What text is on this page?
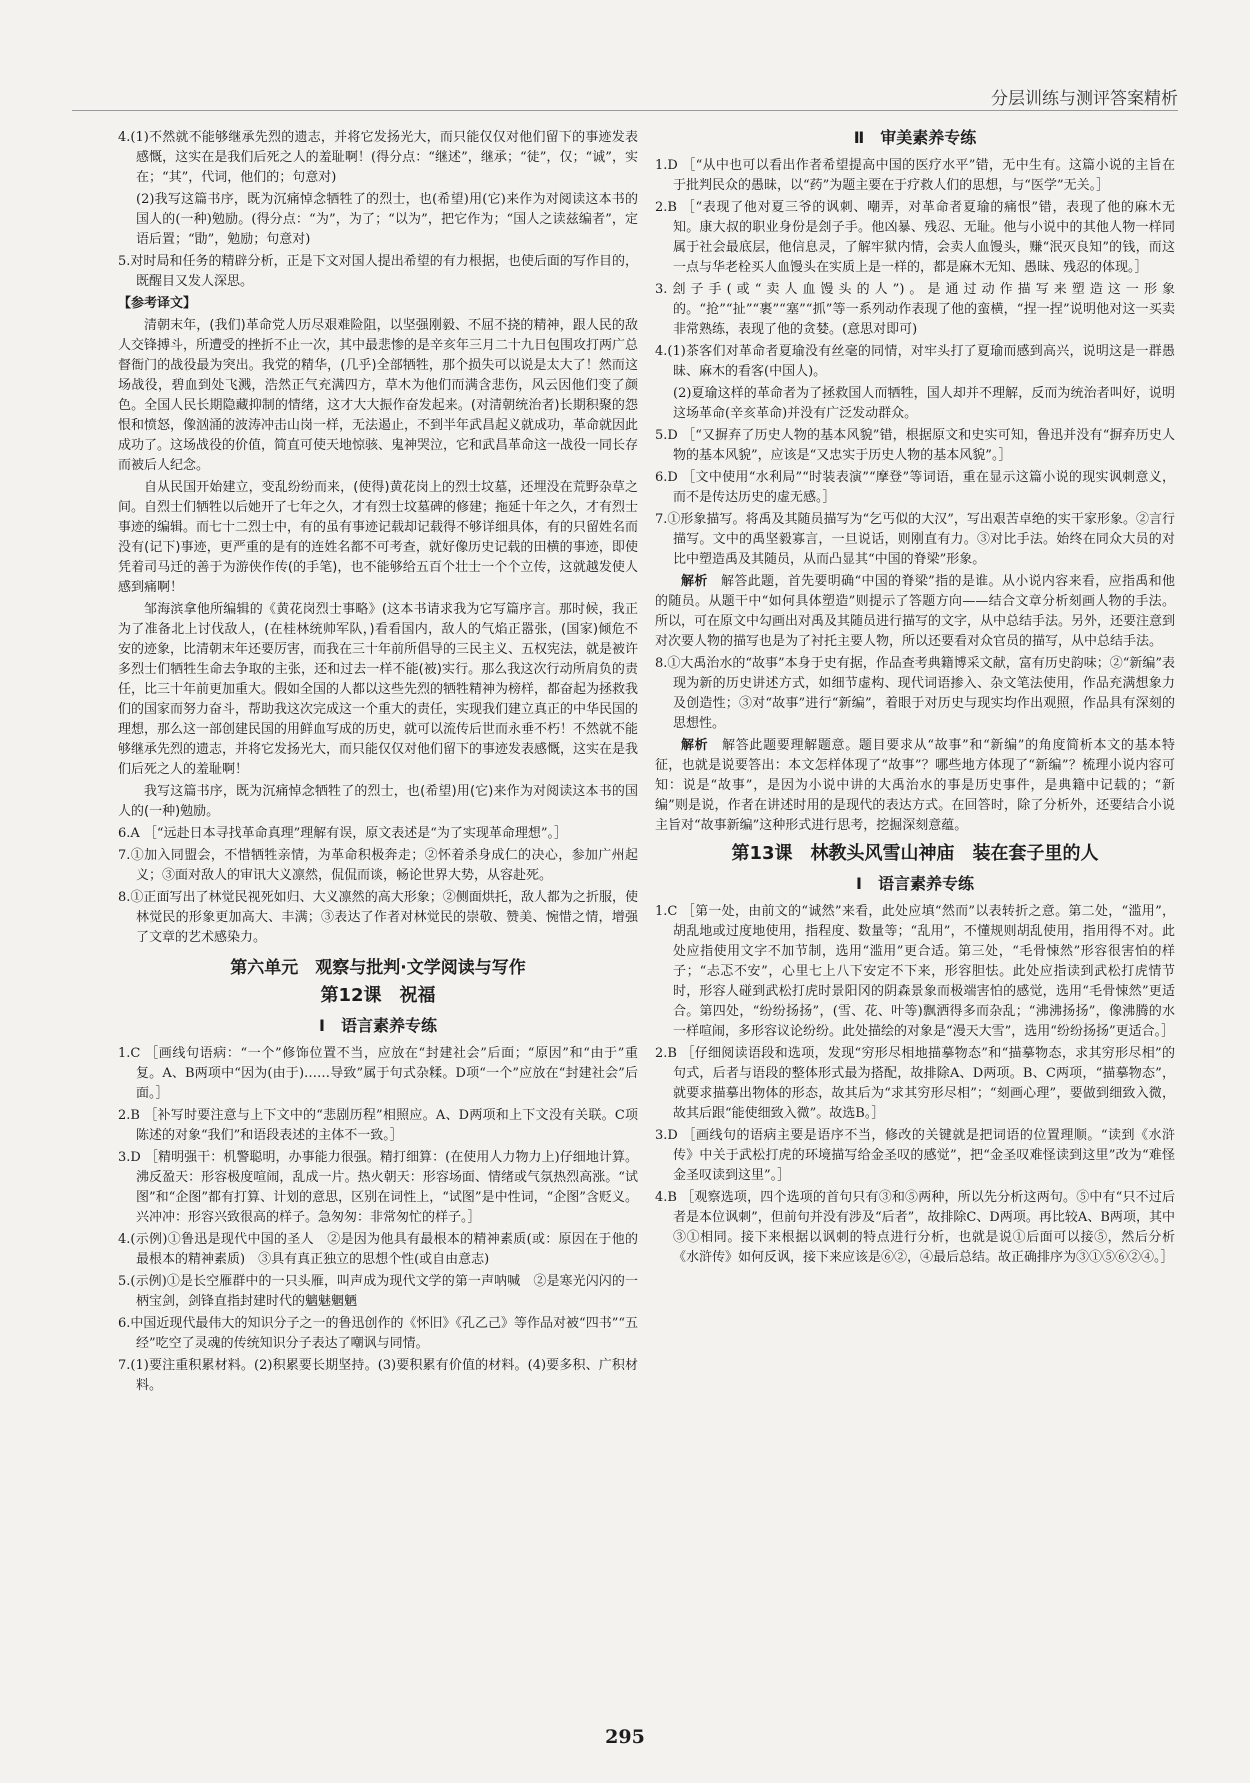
分层训练与测评答案精析

4.(1)不然就不能够继承先烈的遗志，并将它发扬光大，而只能仅仅对他们留下的事迹发表感慨，这实在是我们后死之人的羞耻啊！(得分点：“继述”，继承；“徒”，仅；“诚”，实在；“其”，代词，他们的；句意对)

(2)我写这篇书序，既为沉痛悼念牺牲了的烈士，也(希望)用(它)来作为对阅读这本书的国人的(一种)勉励。(得分点：“为”，为了；“以为”，把它作为；“国人之读兹编者”，定语后置；“勖”，勉励；句意对)

5.对时局和任务的精辟分析，正是下文对国人提出希望的有力根据，也使后面的写作目的，既醒目又发人深思。

【参考译文】

清朝末年，(我们)革命党人历尽艰难险阻，以坚强刚毅、不屈不挠的精神，跟人民的敌人交锋搏斗，所遭受的挫折不止一次，其中最悲惨的是辛亥年三月二十九日包围攻打两广总督衙门的战役最为突出。我党的精华，(几乎)全部牺牲，那个损失可以说是太大了！然而这场战役，碧血到处飞溅，浩然正气充满四方，草木为他们而满含悲伤，风云因他们变了颜色。全国人民长期隐藏抑制的情绪，这才大大振作奋发起来。(对清朝统治者)长期积聚的怨恨和愤怒，像汹涌的波涛冲击山岗一样，无法遏止，不到半年武昌起义就成功，革命就因此成功了。这场战役的价值，简直可使天地惊骇、鬼神哭泣，它和武昌革命这一战役一同长存而被后人纪念。

自从民国开始建立，变乱纷纷而来，(使得)黄花岗上的烈士坟墓，还埋没在荒野杂草之间。自烈士们牺牲以后她开了七年之久，才有烈士坟墓碑的修建；拖延十年之久，才有烈士事迹的编辑。而七十二烈士中，有的虽有事迹记载却记载得不够详细具体，有的只留姓名而没有(记下)事迹，更严重的是有的连姓名都不可考查，就好像历史记载的田横的事迹，即使凭着司马迁的善于为游侠作传(的手笔)，也不能够给五百个壮士一个个立传，这就越发使人感到痛啊！

邹海滨拿他所编辑的《黄花岗烈士事略》(这本书请求我为它写篇序言。那时候，我正为了准备北上讨伐敌人，(在桂林统帅军队，)看看国内，敌人的气焰正嚣张，(国家)倾危不安的迹象，比清朝末年还要厉害，而我在三十年前所倡导的三民主义、五权宪法，就是被许多烈士们牺牲生命去争取的主张，还和过去一样不能(被)实行。那么我这次行动所肩负的责任，比三十年前更加重大。假如全国的人都以这些先烈的牺牲精神为榜样，都奋起为拯救我们的国家而努力奋斗，帮助我这次完成这一个重大的责任，实现我们建立真正的中华民国的理想，那么这一部创建民国的用鲜血写成的历史，就可以流传后世而永垂不朽！不然就不能够继承先烈的遗志，并将它发扬光大，而只能仅仅对他们留下的事迹发表感慨，这实在是我们后死之人的羞耻啊！

我写这篇书序，既为沉痛悼念牺牲了的烈士，也(希望)用(它)来作为对阅读这本书的国人的(一种)勉励。

6.A ［“远赴日本寻找革命真理”理解有误，原文表述是“为了实现革命理想”。］

7.①加入同盟会，不惜牺牲亲情，为革命积极奔走；②怀着杀身成仁的决心，参加广州起义；③面对敌人的审讯大义凛然，侃侃而谈，畅论世界大势，从容赴死。

8.①正面写出了林觉民视死如归、大义凛然的高大形象；②侧面烘托，敌人都为之折服，使林觉民的形象更加高大、丰满；③表达了作者对林觉民的崇敬、赞美、惋惜之情，增强了文章的艺术感染力。

第六单元　观察与批判·文学阅读与写作
第12课　祝福
Ⅰ　语言素养专练

1.C ［画线句语病：“一个”修饰位置不当，应放在“封建社会”后面；“原因”和“由于”重复。A、B两项中“因为(由于)……导致”属于句式杂糅。D项“一个”应放在“封建社会”后面。］

2.B ［补写时要注意与上下文中的“悲剧历程”相照应。A、D两项和上下文没有关联。C项陈述的对象“我们”和语段表述的主体不一致。］

3.D ［精明强干：机警聪明，办事能力很强。精打细算：(在使用人力物力上)仔细地计算。沸反盈天：形容极度喧闹，乱成一片。热火朝天：形容场面、情绪或气氛热烈高涨。“试图”和“企图”都有打算、计划的意思，区别在词性上，“试图”是中性词，“企图”含贬义。兴冲冲：形容兴致很高的样子。急匆匆：非常匆忙的样子。］

4.(示例)①鲁迅是现代中国的圣人　②是因为他具有最根本的精神素质(或：原因在于他的最根本的精神素质)　③具有真正独立的思想个性(或自由意志)

5.(示例)①是长空雁群中的一只头雁，叫声成为现代文学的第一声呐喊　②是寒光闪闪的一柄宝剑，剑锋直指封建时代的魑魅魍魉

6.中国近现代最伟大的知识分子之一的鲁迅创作的《怀旧》《孔乙己》等作品对被“四书”“五经”吃空了灵魂的传统知识分子表达了嘲讽与同情。

7.(1)要注重积累材料。(2)积累要长期坚持。(3)要积累有价值的材料。(4)要多积、广积材料。

Ⅱ　审美素养专练

1.D ［“从中也可以看出作者希望提高中国的医疗水平”错，无中生有。这篇小说的主旨在于批判民众的愚昧，以“药”为题主要在于疗救人们的思想，与“医学”无关。］

2.B ［“表现了他对夏三爷的讽刺、嘲弄，对革命者夏瑜的痛恨”错，表现了他的麻木无知。康大叔的职业身份是刽子手。他凶暴、残忍、无耻。他与小说中的其他人物一样同属于社会最底层，他信息灵，了解牢狱内情，会卖人血馒头，赚“泯灭良知”的钱，而这一点与华老栓买人血馒头在实质上是一样的，都是麻木无知、愚昧、残忍的体现。］

3.刽子手(或“卖人血馒头的人”)。是通过动作描写来塑造这一形象的。“抢”“扯”“裹”“塞”“抓”等一系列动作表现了他的蛮横，“捏一捏”说明他对这一买卖非常熟练，表现了他的贪婪。(意思对即可)

4.(1)茶客们对革命者夏瑜没有丝毫的同情，对牢头打了夏瑜而感到高兴，说明这是一群愚昧、麻木的看客(中国人)。

(2)夏瑜这样的革命者为了拯救国人而牺牲，国人却并不理解，反而为统治者叫好，说明这场革命(辛亥革命)并没有广泛发动群众。

5.D ［“又摒弃了历史人物的基本风貌”错，根据原文和史实可知，鲁迅并没有“摒弃历史人物的基本风貌”，应该是“又忠实于历史人物的基本风貌”。］

6.D ［文中使用“水利局”“时装表演”“摩登”等词语，重在显示这篇小说的现实讽刺意义，而不是传达历史的虚无感。］

7.①形象描写。将禹及其随员描写为“乞丐似的大汉”，写出艰苦卓绝的实干家形象。②言行描写。文中的禹坚毅寡言，一旦说话，则刚直有力。③对比手法。始终在同众大员的对比中塑造禹及其随员，从而凸显其“中国的脊梁”形象。

解析　 解答此题，首先要明确“中国的脊梁”指的是谁。从小说内容来看，应指禹和他的随员。从题干中“如何具体塑造”则提示了答题方向——结合文章分析刻画人物的手法。所以，可在原文中勾画出对禹及其随员进行描写的文字，从中总结手法。另外，还要注意到对次要人物的描写也是为了衬托主要人物，所以还要看对众官员的描写，从中总结手法。

8.①大禹治水的“故事”本身于史有据，作品查考典籍博采文献，富有历史韵味；②“新编”表现为新的历史讲述方式，如细节虚构、现代词语掺入、杂文笔法使用，作品充满想象力及创造性；③对“故事”进行“新编”，着眼于对历史与现实均作出观照，作品具有深刻的思想性。

解析　 解答此题要理解题意。题目要求从“故事”和“新编”的角度简析本文的基本特征，也就是说要答出：本文怎样体现了“故事”？哪些地方体现了“新编”？梳理小说内容可知：说是“故事”，是因为小说中讲的大禹治水的事是历史事件，是典籍中记载的；“新编”则是说，作者在讲述时用的是现代的表达方式。在回答时，除了分析外，还要结合小说主旨对“故事新编”这种形式进行思考，挖掘深刻意蕴。

第13课　林教头风雪山神庙　装在套子里的人
Ⅰ　语言素养专练

1.C ［第一处，由前文的“诚然”来看，此处应填“然而”以表转折之意。第二处，“滥用”，胡乱地或过度地使用，指程度、数量等；“乱用”，不懂规则胡乱使用，指用得不对。此处应指使用文字不加节制，选用“滥用”更合适。第三处，“毛骨悚然”形容很害怕的样子；“忐忑不安”，心里七上八下安定不下来，形容胆怯。此处应指读到武松打虎情节时，形容人碰到武松打虎时景阳冈的阴森景象而极端害怕的感觉，选用“毛骨悚然”更适合。第四处，“纷纷扬扬”，(雪、花、叶等)飘洒得多而杂乱；“沸沸扬扬”，像沸腾的水一样喧闹，多形容议论纷纷。此处描绘的对象是“漫天大雪”，选用“纷纷扬扬”更适合。］

2.B ［仔细阅读语段和选项，发现“穷形尽相地描摹物态”和“描摹物态，求其穷形尽相”的句式，后者与语段的整体形式最为搭配，故排除A、D两项。B、C两项，“描摹物态”，就要求描摹出物体的形态，故其后为“求其穷形尽相”；“刻画心理”，要做到细致入微，故其后跟“能使细致入微”。故选B。］

3.D ［画线句的语病主要是语序不当，修改的关键就是把词语的位置理顺。“读到《水浒传》中关于武松打虎的环境描写给金圣叹的感觉”，把“金圣叹难怪读到这里”改为“难怪金圣叹读到这里”。］

4.B ［观察选项，四个选项的首句只有③和⑤两种，所以先分析这两句。⑤中有“只不过后者是本位讽刺”，但前句并没有涉及“后者”，故排除C、D两项。再比较A、B两项，其中③①相同。接下来根据以讽刺的特点进行分析，也就是说①后面可以接⑤，然后分析《水浒传》如何反讽，接下来应该是⑥②，④最后总结。故正确排序为③①⑤⑥②④。］

295
